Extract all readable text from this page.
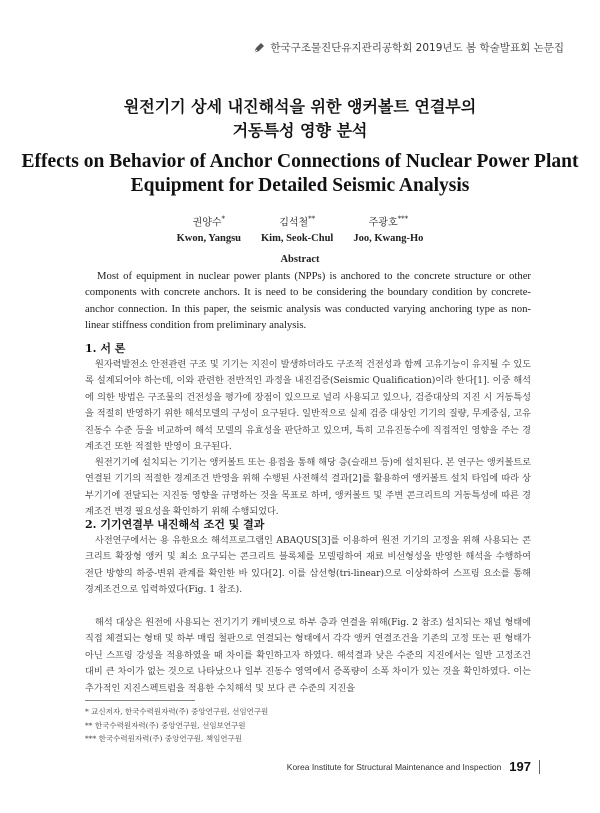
한국구조물진단유지관리공학회 2019년도 봄 학술발표회 논문집
원전기기 상세 내진해석을 위한 앵커볼트 연결부의
거동특성 영향 분석
Effects on Behavior of Anchor Connections of Nuclear Power Plant
Equipment for Detailed Seismic Analysis
권양수*
Kwon, Yangsu
김석철**
Kim, Seok-Chul
주광호***
Joo, Kwang-Ho
Abstract
Most of equipment in nuclear power plants (NPPs) is anchored to the concrete structure or other components with concrete anchors. It is need to be considering the boundary condition by concrete-anchor connection. In this paper, the seismic analysis was conducted varying anchoring type as non-linear stiffness condition from preliminary analysis.
1. 서 론
원자력발전소 안전관련 구조 및 기기는 지진이 발생하더라도 구조적 건전성과 함께 고유기능이 유지될 수 있도록 설계되어야 하는데, 이와 관련한 전반적인 과정을 내진검증(Seismic Qualification)이라 한다[1]. 이중 해석에 의한 방법은 구조물의 건전성을 평가에 장점이 있으므로 널리 사용되고 있으나, 검증대상의 지진 시 거동특성을 적절히 반영하기 위한 해석모델의 구성이 요구된다. 일반적으로 실제 검증 대상인 기기의 질량, 무게중심, 고유진동수 수준 등을 비교하여 해석 모델의 유효성을 판단하고 있으며, 특히 고유진동수에 직접적인 영향을 주는 경계조건 또한 적절한 반영이 요구된다.
원전기기에 설치되는 기기는 앵커볼트 또는 용접을 통해 해당 층(슬래브 등)에 설치된다. 본 연구는 앵커볼트로 연결된 기기의 적절한 경계조건 반영을 위해 수행된 사전해석 결과[2]를 활용하여 앵커볼트 설치 타입에 따라 상부기기에 전달되는 지진동 영향을 규명하는 것을 목표로 하며, 앵커볼트 및 주변 콘크리트의 거동특성에 따른 경계조건 변경 필요성을 확인하기 위해 수행되었다.
2. 기기연결부 내진해석 조건 및 결과
사전연구에서는 용 유한요소 해석프로그램인 ABAQUS[3]를 이용하여 원전 기기의 고정을 위해 사용되는 콘크리트 확장형 앵커 및 최소 요구되는 콘크리트 블록체를 모델링하여 재료 비선형성을 반영한 해석을 수행하여 전단 방향의 하중-변위 관계를 확인한 바 있다[2]. 이를 삼선형(tri-linear)으로 이상화하여 스프링 요소를 통해 경계조건으로 입력하였다(Fig. 1 참조).
해석 대상은 원전에 사용되는 전기기기 캐비넷으로 하부 층과 연결을 위해(Fig. 2 참조) 설치되는 채널 형태에 직접 체결되는 형태 및 하부 매립 철판으로 연결되는 형태에서 각각 앵커 연결조건을 기존의 고정 또는 핀 형태가 아닌 스프링 강성을 적용하였을 때 차이를 확인하고자 하였다. 해석결과 낮은 수준의 지진에서는 일반 고정조건 대비 큰 차이가 없는 것으로 나타났으나 일부 진동수 영역에서 증폭량이 소폭 차이가 있는 것을 확인하였다. 이는 추가적인 지진스펙트럼을 적용한 수치해석 및 보다 큰 수준의 지진을
* 교신저자, 한국수력원자력(주) 중앙연구원, 선임연구원
** 한국수력원자력(주) 중앙연구원, 선임보연구원
*** 한국수력원자력(주) 중앙연구원, 책임연구원
Korea Institute for Structural Maintenance and Inspection 197
